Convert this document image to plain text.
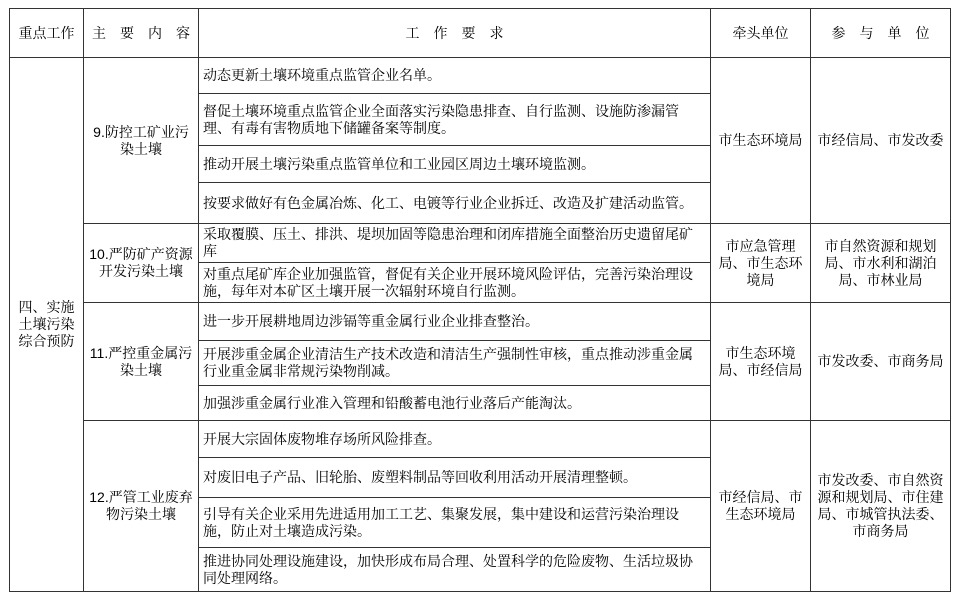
重点工作	主　要　内　容	工　作　要　求	牵头单位	参　与　单　位
四、实施土壤污染综合预防	9.防控工矿业污染土壤	动态更新土壤环境重点监管企业名单。	市生态环境局	市经信局、市发改委
		督促土壤环境重点监管企业全面落实污染隐患排查、自行监测、设施防渗漏管理、有毒有害物质地下储罐备案等制度。		
		推动开展土壤污染重点监管单位和工业园区周边土壤环境监测。		
		按要求做好有色金属冶炼、化工、电镀等行业企业拆迁、改造及扩建活动监管。		
	10.严防矿产资源开发污染土壤	采取覆膜、压土、排洪、堤坝加固等隐患治理和闭库措施全面整治历史遗留尾矿库	市应急管理局、市生态环境局	市自然资源和规划局、市水利和湖泊局、市林业局
		对重点尾矿库企业加强监管，督促有关企业开展环境风险评估，完善污染治理设施，每年对本矿区土壤开展一次辐射环境自行监测。		
	11.严控重金属污染土壤	进一步开展耕地周边涉镉等重金属行业企业排查整治。	市生态环境局、市经信局	市发改委、市商务局
		开展涉重金属企业清洁生产技术改造和清洁生产强制性审核，重点推动涉重金属行业重金属非常规污染物削减。		
		加强涉重金属行业准入管理和铅酸蓄电池行业落后产能淘汰。		
	12.严管工业废弃物污染土壤	开展大宗固体废物堆存场所风险排查。	市经信局、市生态环境局	市发改委、市自然资源和规划局、市住建局、市城管执法委、市商务局
		对废旧电子产品、旧轮胎、废塑料制品等回收利用活动开展清理整顿。		
		引导有关企业采用先进适用加工工艺、集聚发展，集中建设和运营污染治理设施，防止对土壤造成污染。		
		推进协同处理设施建设，加快形成布局合理、处置科学的危险废物、生活垃圾协同处理网络。		
